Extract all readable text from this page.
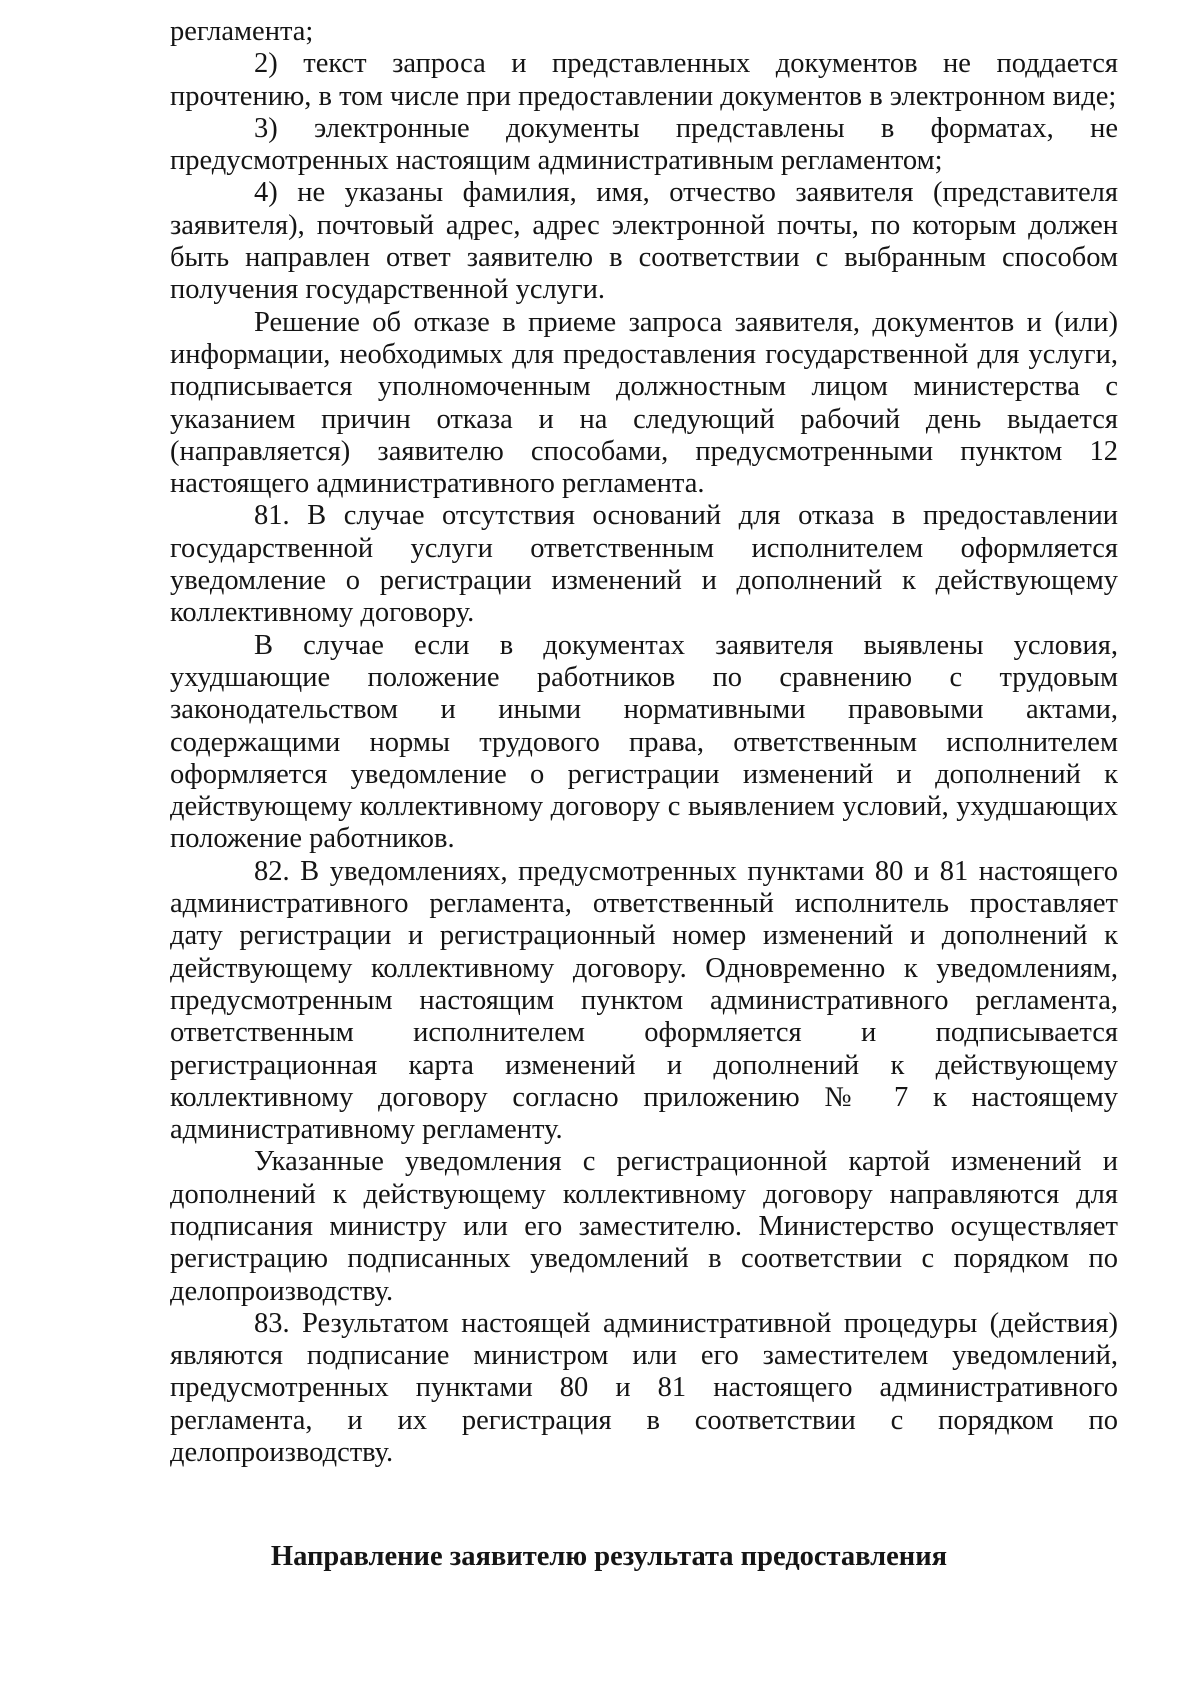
регламента;

2) текст запроса и представленных документов не поддается прочтению, в том числе при предоставлении документов в электронном виде;

3) электронные документы представлены в форматах, не предусмотренных настоящим административным регламентом;

4) не указаны фамилия, имя, отчество заявителя (представителя заявителя), почтовый адрес, адрес электронной почты, по которым должен быть направлен ответ заявителю в соответствии с выбранным способом получения государственной услуги.

Решение об отказе в приеме запроса заявителя, документов и (или) информации, необходимых для предоставления государственной для услуги, подписывается уполномоченным должностным лицом министерства с указанием причин отказа и на следующий рабочий день выдается (направляется) заявителю способами, предусмотренными пунктом 12 настоящего административного регламента.

81. В случае отсутствия оснований для отказа в предоставлении государственной услуги ответственным исполнителем оформляется уведомление о регистрации изменений и дополнений к действующему коллективному договору.

В случае если в документах заявителя выявлены условия, ухудшающие положение работников по сравнению с трудовым законодательством и иными нормативными правовыми актами, содержащими нормы трудового права, ответственным исполнителем оформляется уведомление о регистрации изменений и дополнений к действующему коллективному договору с выявлением условий, ухудшающих положение работников.

82. В уведомлениях, предусмотренных пунктами 80 и 81 настоящего административного регламента, ответственный исполнитель проставляет дату регистрации и регистрационный номер изменений и дополнений к действующему коллективному договору. Одновременно к уведомлениям, предусмотренным настоящим пунктом административного регламента, ответственным исполнителем оформляется и подписывается регистрационная карта изменений и дополнений к действующему коллективному договору согласно приложению № 7 к настоящему административному регламенту.

Указанные уведомления с регистрационной картой изменений и дополнений к действующему коллективному договору направляются для подписания министру или его заместителю. Министерство осуществляет регистрацию подписанных уведомлений в соответствии с порядком по делопроизводству.

83. Результатом настоящей административной процедуры (действия) являются подписание министром или его заместителем уведомлений, предусмотренных пунктами 80 и 81 настоящего административного регламента, и их регистрация в соответствии с порядком по делопроизводству.

Направление заявителю результата предоставления
